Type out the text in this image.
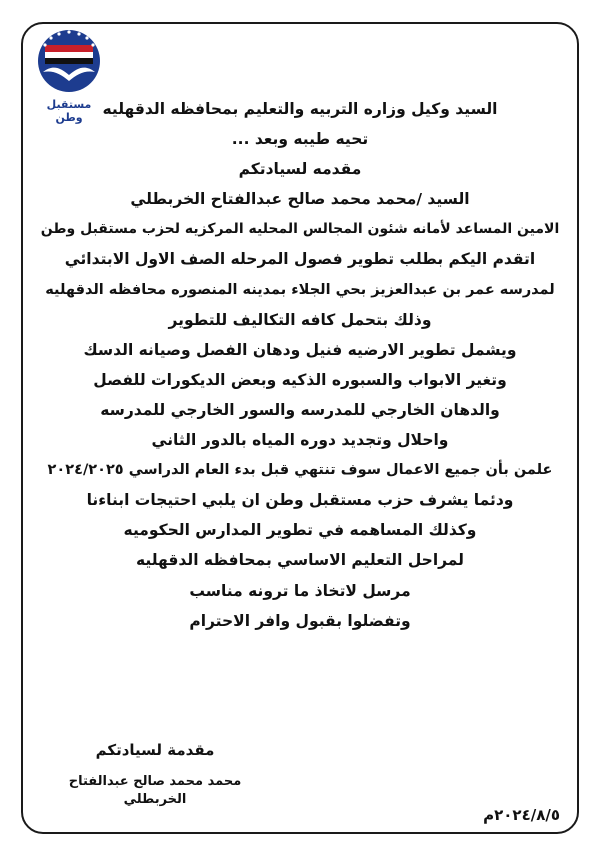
مستقبل وطن	السيد وكيل وزاره التربيه والتعليم بمحافظه الدقهليه
تحيه طيبه وبعد ...
مقدمه لسيادتكم
السيد /محمد محمد صالح عبدالفتاح الخربطلي
الامين المساعد لأمانه شئون المجالس المحليه المركزيه لحزب مستقبل وطن
اتقدم اليكم بطلب تطوير فصول المرحله الصف الاول الابتدائي
لمدرسه عمر بن عبدالعزيز بحي الجلاء بمدينه المنصوره محافظه الدقهليه
وذلك بتحمل كافه التكاليف للتطوير
ويشمل تطوير الارضيه فنيل ودهان الفصل وصيانه الدسك
وتغير الابواب والسبوره الذكيه وبعض الديكورات للفصل
والدهان الخارجي للمدرسه والسور الخارجي للمدرسه
واحلال وتجديد دوره المياه بالدور الثاني
علمن بأن جميع الاعمال سوف تنتهي قبل بدء العام الدراسي ٢٠٢٤/٢٠٢٥
ودئما يشرف حزب مستقبل وطن ان يلبي احتيجات ابناءنا
وكذلك المساهمه في تطوير المدارس الحكوميه
لمراحل التعليم الاساسي بمحافظه الدقهليه
مرسل لاتخاذ ما ترونه مناسب
وتفضلوا بقبول وافر الاحترام
مقدمة لسيادتكم
محمد محمد صالح عبدالفتاح الخربطلي
٢٠٢٤/٨/٥م
